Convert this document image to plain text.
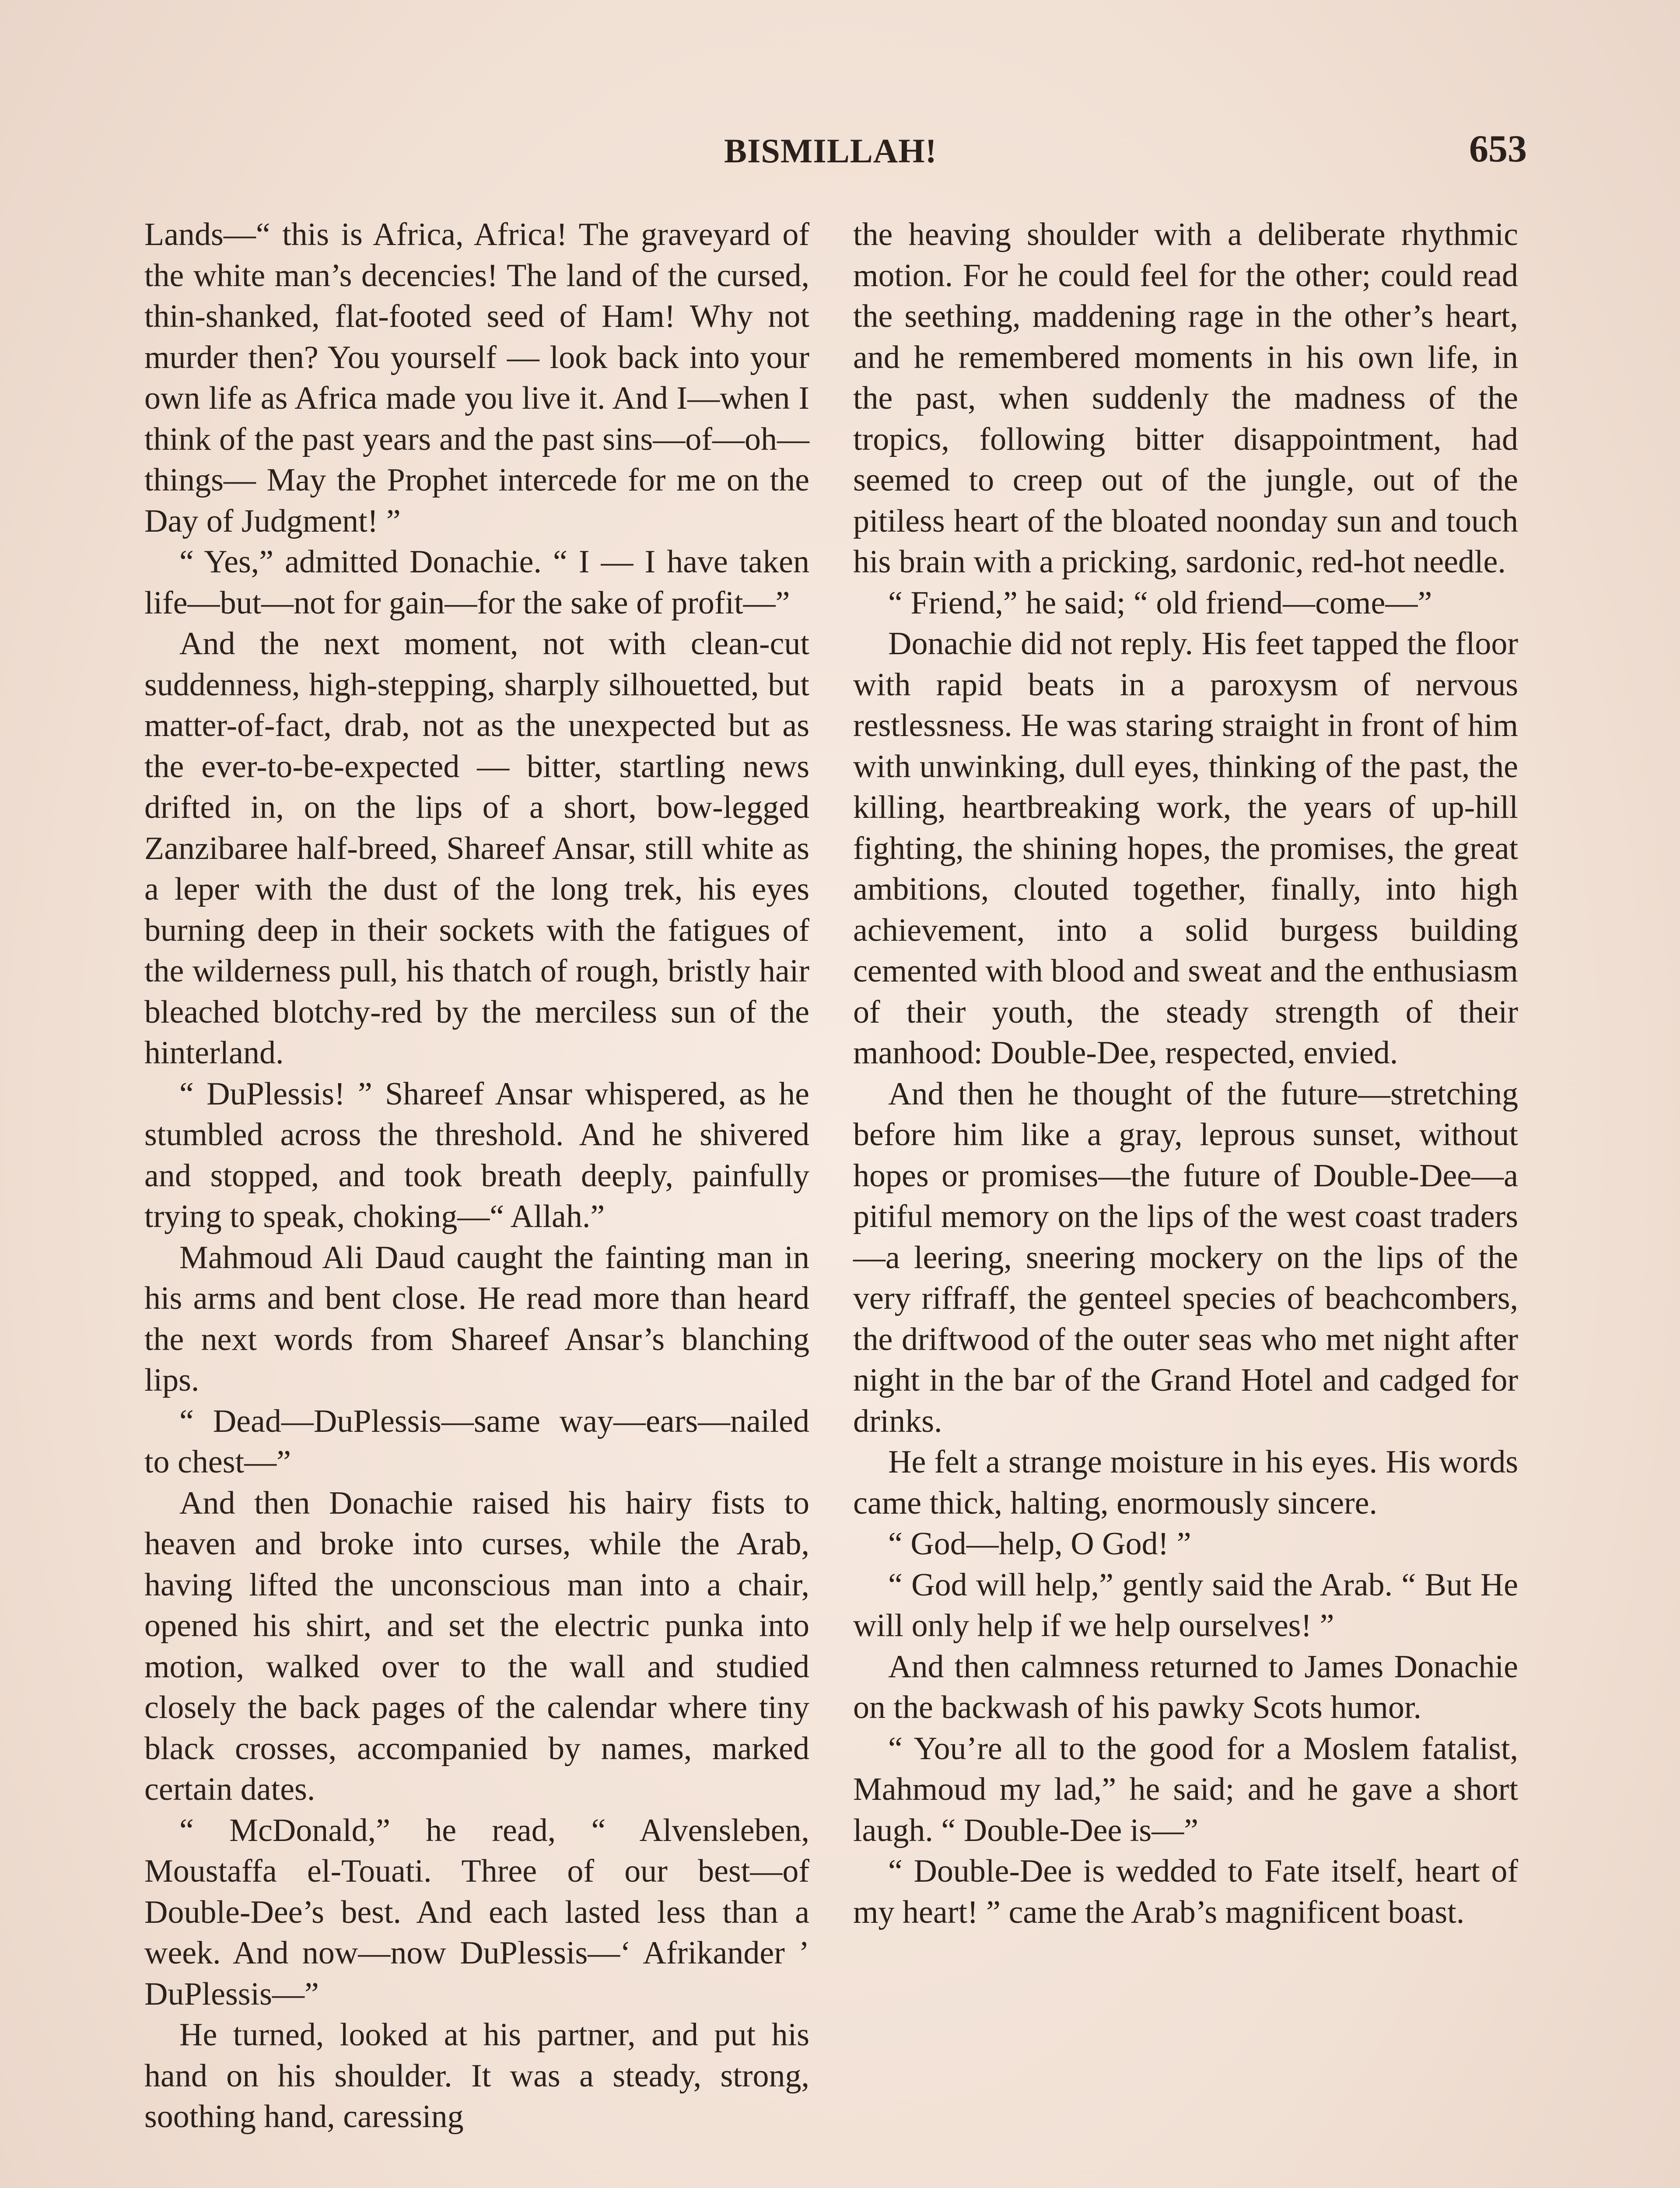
BISMILLAH!	653

Lands—“ this is Africa, Africa! The graveyard of the white man’s decencies! The land of the cursed, thin-shanked, flat-footed seed of Ham! Why not murder then? You yourself — look back into your own life as Africa made you live it. And I—when I think of the past years and the past sins—of—oh—things— May the Prophet intercede for me on the Day of Judgment! ”

“ Yes,” admitted Donachie. “ I — I have taken life—but—not for gain—for the sake of profit—”

And the next moment, not with clean-cut suddenness, high-stepping, sharply silhouetted, but matter-of-fact, drab, not as the unexpected but as the ever-to-be-expected — bitter, startling news drifted in, on the lips of a short, bow-legged Zanzibaree half-breed, Shareef Ansar, still white as a leper with the dust of the long trek, his eyes burning deep in their sockets with the fatigues of the wilderness pull, his thatch of rough, bristly hair bleached blotchy-red by the merciless sun of the hinterland.

“ DuPlessis! ” Shareef Ansar whispered, as he stumbled across the threshold. And he shivered and stopped, and took breath deeply, painfully trying to speak, choking—“ Allah.”

Mahmoud Ali Daud caught the fainting man in his arms and bent close. He read more than heard the next words from Shareef Ansar’s blanching lips.

“ Dead—DuPlessis—same way—ears—nailed to chest—”

And then Donachie raised his hairy fists to heaven and broke into curses, while the Arab, having lifted the unconscious man into a chair, opened his shirt, and set the electric punka into motion, walked over to the wall and studied closely the back pages of the calendar where tiny black crosses, accompanied by names, marked certain dates.

“ McDonald,” he read, “ Alvensleben, Moustaffa el-Touati. Three of our best—of Double-Dee’s best. And each lasted less than a week. And now—now DuPlessis—‘ Afrikander ’ DuPlessis—”

He turned, looked at his partner, and put his hand on his shoulder. It was a steady, strong, soothing hand, caressing

the heaving shoulder with a deliberate rhythmic motion. For he could feel for the other; could read the seething, maddening rage in the other’s heart, and he remembered moments in his own life, in the past, when suddenly the madness of the tropics, following bitter disappointment, had seemed to creep out of the jungle, out of the pitiless heart of the bloated noonday sun and touch his brain with a pricking, sardonic, red-hot needle.

“ Friend,” he said; “ old friend—come—”

Donachie did not reply. His feet tapped the floor with rapid beats in a paroxysm of nervous restlessness. He was staring straight in front of him with unwinking, dull eyes, thinking of the past, the killing, heartbreaking work, the years of up-hill fighting, the shining hopes, the promises, the great ambitions, clouted together, finally, into high achievement, into a solid burgess building cemented with blood and sweat and the enthusiasm of their youth, the steady strength of their manhood: Double-Dee, respected, envied.

And then he thought of the future—stretching before him like a gray, leprous sunset, without hopes or promises—the future of Double-Dee—a pitiful memory on the lips of the west coast traders—a leering, sneering mockery on the lips of the very riffraff, the genteel species of beachcombers, the driftwood of the outer seas who met night after night in the bar of the Grand Hotel and cadged for drinks.

He felt a strange moisture in his eyes. His words came thick, halting, enormously sincere.

“ God—help, O God! ”

“ God will help,” gently said the Arab. “ But He will only help if we help ourselves! ”

And then calmness returned to James Donachie on the backwash of his pawky Scots humor.

“ You’re all to the good for a Moslem fatalist, Mahmoud my lad,” he said; and he gave a short laugh. “ Double-Dee is—”

“ Double-Dee is wedded to Fate itself, heart of my heart! ” came the Arab’s magnificent boast.
